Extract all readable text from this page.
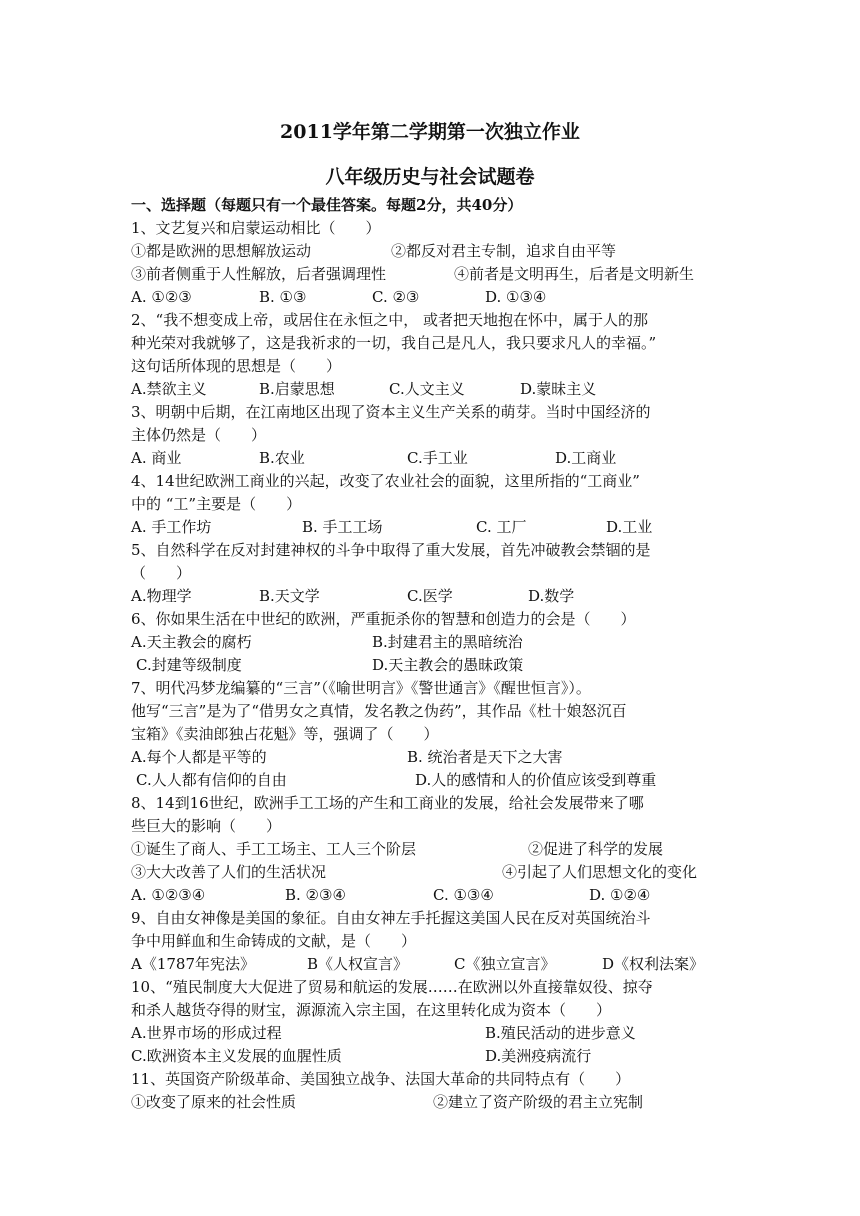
2011学年第二学期第一次独立作业
八年级历史与社会试题卷
一、选择题（每题只有一个最佳答案。每题2分，共40分）
1、文艺复兴和启蒙运动相比（　　）
①都是欧洲的思想解放运动	②都反对君主专制，追求自由平等
③前者侧重于人性解放，后者强调理性	④前者是文明再生，后者是文明新生
A. ①②③	B. ①③	C. ②③	D. ①③④
2、“我不想变成上帝，或居住在永恒之中， 或者把天地抱在怀中，属于人的那
种光荣对我就够了，这是我祈求的一切，我自己是凡人，我只要求凡人的幸福。”
这句话所体现的思想是（　　）
A.禁欲主义	B.启蒙思想	C.人文主义	D.蒙昧主义
3、明朝中后期，在江南地区出现了资本主义生产关系的萌芽。当时中国经济的
主体仍然是（　　）
A. 商业	B.农业	C.手工业	D.工商业
4、14世纪欧洲工商业的兴起，改变了农业社会的面貌，这里所指的“工商业”
中的 “工”主要是（　　）
A. 手工作坊	B. 手工工场	C. 工厂	D.工业
5、自然科学在反对封建神权的斗争中取得了重大发展，首先冲破教会禁锢的是
（　　）
A.物理学	B.天文学	C.医学	D.数学
6、你如果生活在中世纪的欧洲，严重扼杀你的智慧和创造力的会是（　　）
A.天主教会的腐朽	B.封建君主的黑暗统治
C.封建等级制度	D.天主教会的愚昧政策
7、明代冯梦龙编纂的“三言”（《喻世明言》《警世通言》《醒世恒言》）。
他写“三言”是为了“借男女之真情，发名教之伪药”，其作品《杜十娘怒沉百
宝箱》《卖油郎独占花魁》等，强调了（　　）
A.每个人都是平等的	B. 统治者是天下之大害
C.人人都有信仰的自由	D.人的感情和人的价值应该受到尊重
8、14到16世纪，欧洲手工工场的产生和工商业的发展，给社会发展带来了哪
些巨大的影响（　　）
①诞生了商人、手工工场主、工人三个阶层	②促进了科学的发展
③大大改善了人们的生活状况	④引起了人们思想文化的变化
A. ①②③④	B. ②③④	C. ①③④	D. ①②④
9、自由女神像是美国的象征。自由女神左手托握这美国人民在反对英国统治斗
争中用鲜血和生命铸成的文献，是（　　）
A《1787年宪法》	B《人权宣言》	C《独立宣言》	D《权利法案》
10、“殖民制度大大促进了贸易和航运的发展……在欧洲以外直接靠奴役、掠夺
和杀人越货夺得的财宝，源源流入宗主国，在这里转化成为资本（　　）
A.世界市场的形成过程	B.殖民活动的进步意义
C.欧洲资本主义发展的血腥性质	D.美洲疫病流行
11、英国资产阶级革命、美国独立战争、法国大革命的共同特点有（　　）
①改变了原来的社会性质	②建立了资产阶级的君主立宪制
